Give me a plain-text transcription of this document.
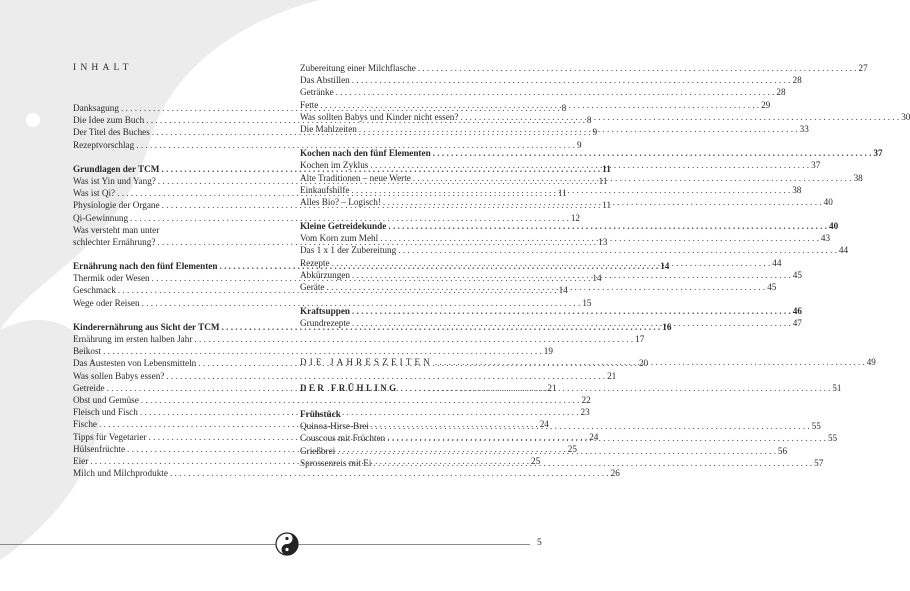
INHALT
Danksagung . . .	8
Die Idee zum Buch . . .	8
Der Titel des Buches . . .	9
Rezeptvorschlag . . .	9
Grundlagen der TCM . . .	11
Was ist Yin und Yang? . . .	11
Was ist Qi? . . .	11
Physiologie der Organe . . .	11
Qi-Gewinnung . . .	12
Was versteht man unter
schlechter Ernährung? . . .	13
Ernährung nach den fünf Elementen . . .	14
Thermik oder Wesen . . .	14
Geschmack . . .	14
Wege oder Reisen . . .	15
Kinderernährung aus Sicht der TCM . . .	16
Ernährung im ersten halben Jahr . . .	17
Beikost . . .	19
Das Austesten von Lebensmitteln . . .	20
Was sollen Babys essen? . . .	21
Getreide . . .	21
Obst und Gemüse . . .	22
Fleisch und Fisch . . .	23
Fische . . .	24
Tipps für Vegetarier . . .	24
Hülsenfrüchte . . .	25
Eier . . .	25
Milch und Milchprodukte . . .	26
Zubereitung einer Milchflasche . . .	27
Das Abstillen . . .	28
Getränke . . .	28
Fette . . .	29
Was sollten Babys und Kinder nicht essen? . . .	30
Die Mahlzeiten . . .	33
Kochen nach den fünf Elementen . . .	37
Kochen im Zyklus . . .	37
Alte Traditionen – neue Werte . . .	38
Einkaufshilfe . . .	38
Alles Bio? – Logisch! . . .	40
Kleine Getreidekunde . . .	40
Vom Korn zum Mehl . . .	43
Das 1 x 1 der Zubereitung . . .	44
Rezepte . . .	44
Abkürzungen . . .	45
Geräte . . .	45
Kraftsuppen . . .	46
Grundrezepte . . .	47
DIE JAHRESZEITEN . . .	49
DER FRÜHLING . . .	51
Frühstück
Quinoa-Hirse-Brei . . .	55
Couscous mit Früchten . . .	55
Grießbrei . . .	56
Sprossenreis mit Ei . . .	57
5
